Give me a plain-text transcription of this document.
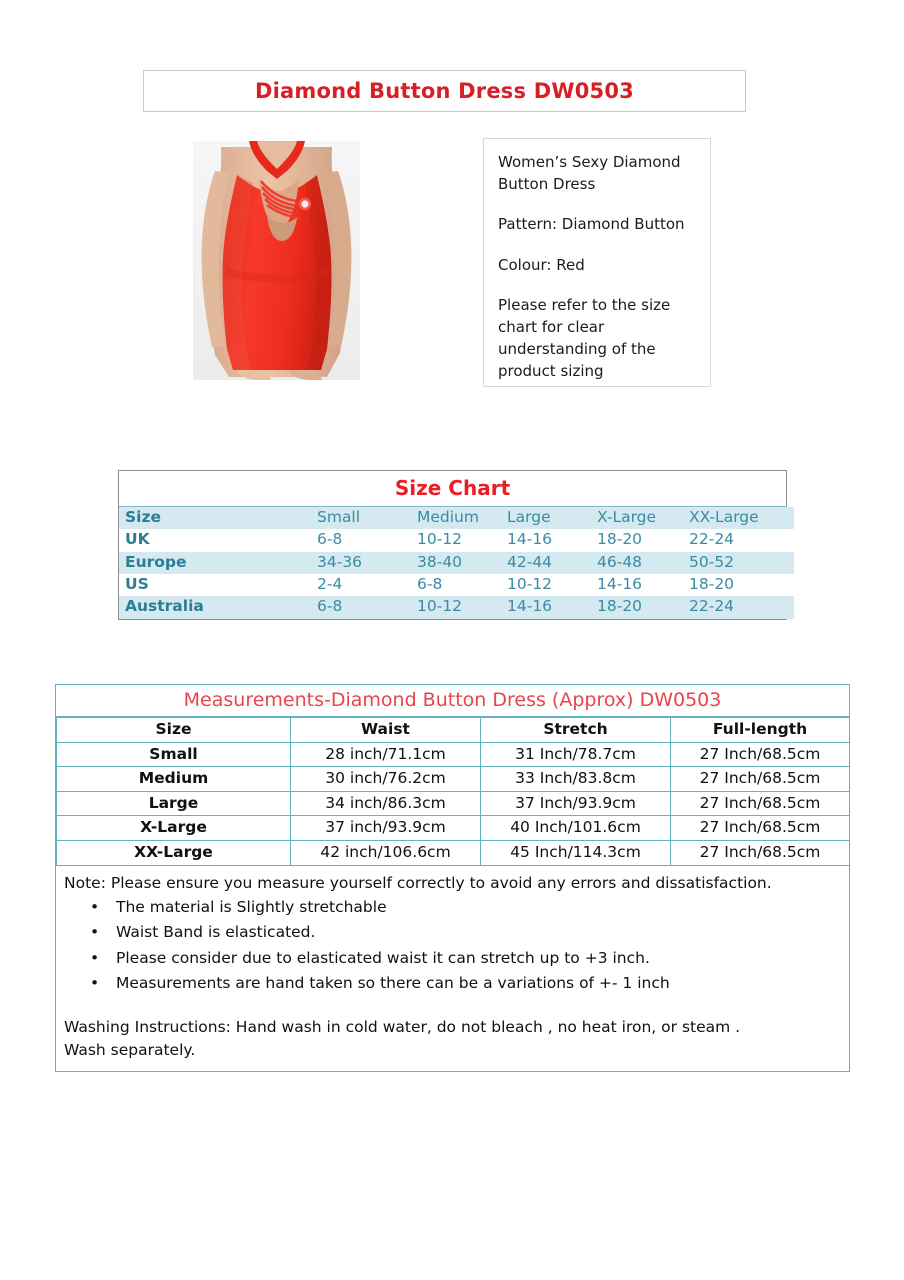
Diamond Button Dress DW0503

Women’s Sexy Diamond Button Dress

Pattern: Diamond Button

Colour: Red

Please refer to the size chart for clear understanding of the product sizing

Size Chart
Size	Small	Medium	Large	X-Large	XX-Large
UK	6-8	10-12	14-16	18-20	22-24
Europe	34-36	38-40	42-44	46-48	50-52
US	2-4	6-8	10-12	14-16	18-20
Australia	6-8	10-12	14-16	18-20	22-24
Measurements-Diamond Button Dress (Approx) DW0503
Size	Waist	Stretch	Full-length
Small	28 inch/71.1cm	31 Inch/78.7cm	27 Inch/68.5cm
Medium	30 inch/76.2cm	33 Inch/83.8cm	27 Inch/68.5cm
Large	34 inch/86.3cm	37 Inch/93.9cm	27 Inch/68.5cm
X-Large	37 inch/93.9cm	40 Inch/101.6cm	27 Inch/68.5cm
XX-Large	42 inch/106.6cm	45 Inch/114.3cm	27 Inch/68.5cm

Note: Please ensure you measure yourself correctly to avoid any errors and dissatisfaction.

• The material is Slightly stretchable
• Waist Band is elasticated.
• Please consider due to elasticated waist it can stretch up to +3 inch.
• Measurements are hand taken so there can be a variations of +- 1 inch

Washing Instructions: Hand wash in cold water, do not bleach , no heat iron, or steam .
Wash separately.
